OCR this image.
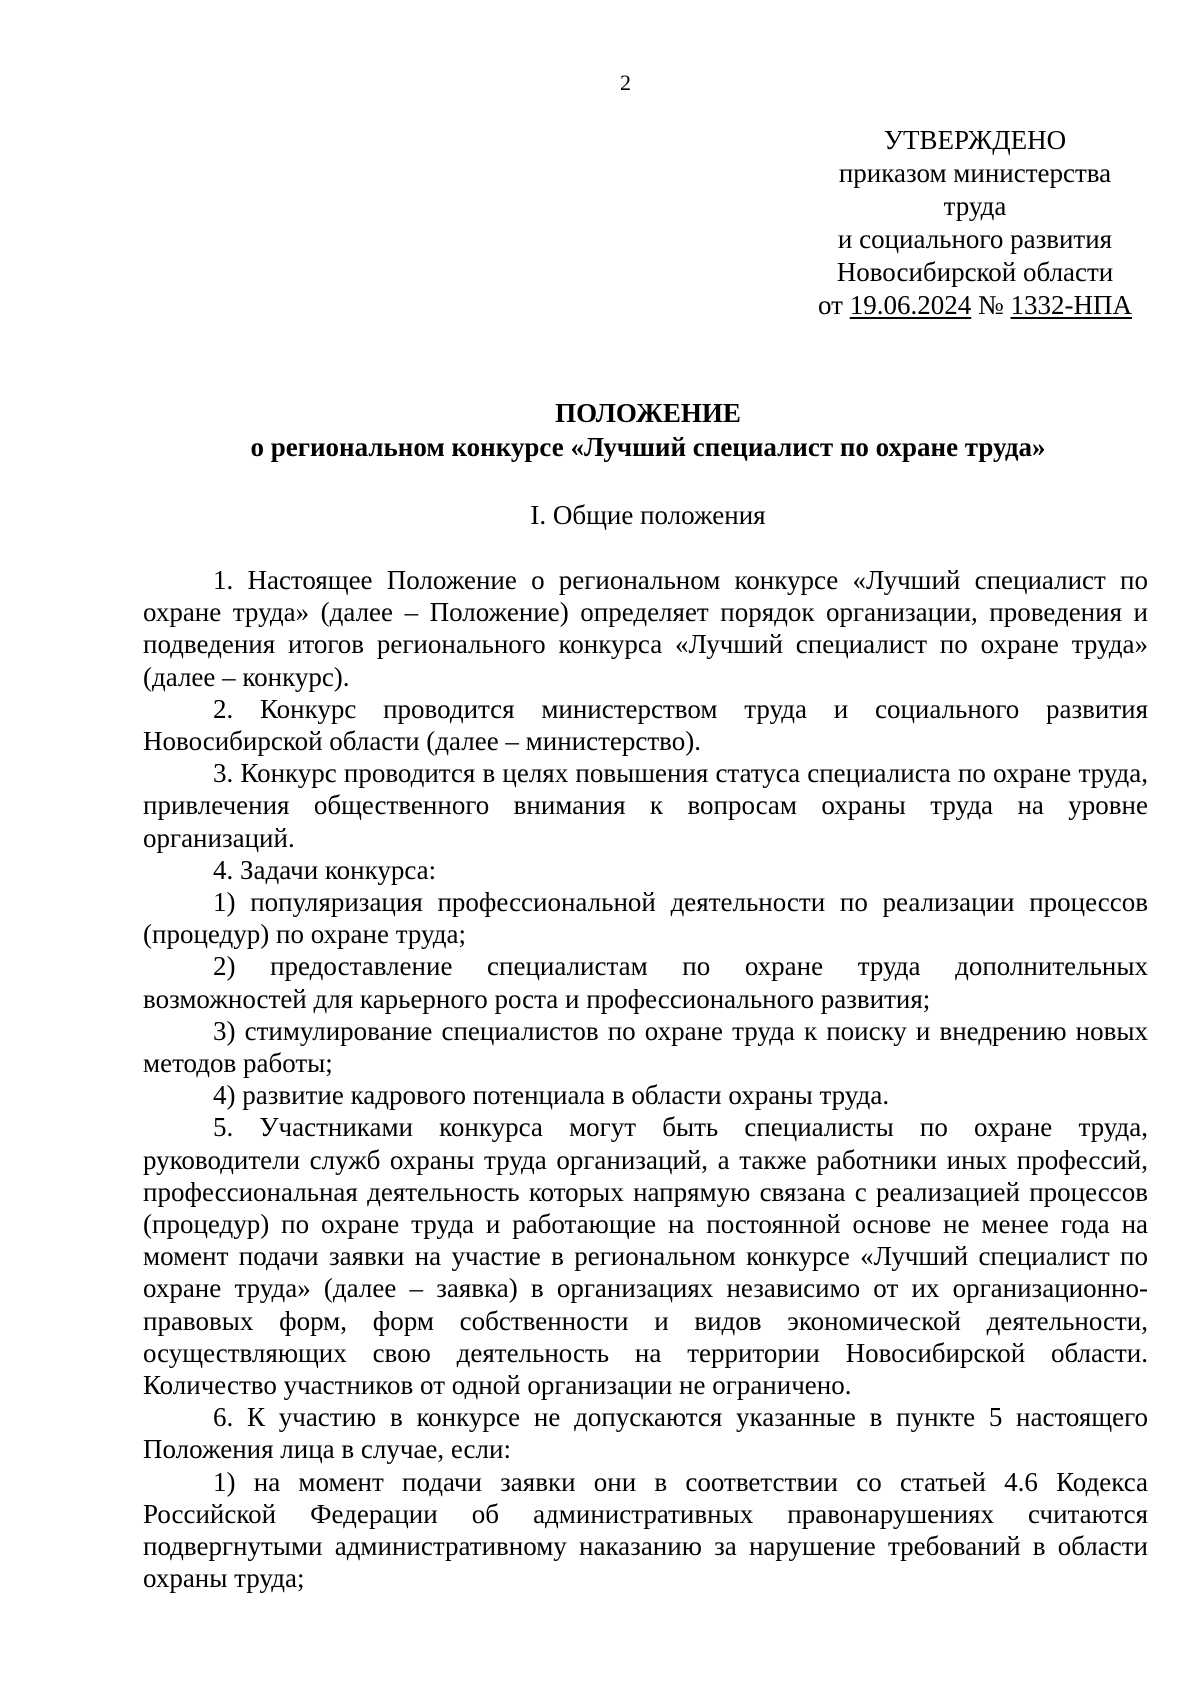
2
УТВЕРЖДЕНО
приказом министерства
труда
и социального развития
Новосибирской области
от 19.06.2024 № 1332-НПА
ПОЛОЖЕНИЕ
о региональном конкурсе «Лучший специалист по охране труда»
I. Общие положения

1. Настоящее Положение о региональном конкурсе «Лучший специалист по охране труда» (далее – Положение) определяет порядок организации, проведения и подведения итогов регионального конкурса «Лучший специалист по охране труда» (далее – конкурс).

2. Конкурс проводится министерством труда и социального развития Новосибирской области (далее – министерство).

3. Конкурс проводится в целях повышения статуса специалиста по охране труда, привлечения общественного внимания к вопросам охраны труда на уровне организаций.

4. Задачи конкурса:

1) популяризация профессиональной деятельности по реализации процессов (процедур) по охране труда;

2) предоставление специалистам по охране труда дополнительных возможностей для карьерного роста и профессионального развития;

3) стимулирование специалистов по охране труда к поиску и внедрению новых методов работы;

4) развитие кадрового потенциала в области охраны труда.

5. Участниками конкурса могут быть специалисты по охране труда, руководители служб охраны труда организаций, а также работники иных профессий, профессиональная деятельность которых напрямую связана с реализацией процессов (процедур) по охране труда и работающие на постоянной основе не менее года на момент подачи заявки на участие в региональном конкурсе «Лучший специалист по охране труда» (далее – заявка) в организациях независимо от их организационно-правовых форм, форм собственности и видов экономической деятельности, осуществляющих свою деятельность на территории Новосибирской области. Количество участников от одной организации не ограничено.

6. К участию в конкурсе не допускаются указанные в пункте 5 настоящего Положения лица в случае, если:

1) на момент подачи заявки они в соответствии со статьей 4.6 Кодекса Российской Федерации об административных правонарушениях считаются подвергнутыми административному наказанию за нарушение требований в области охраны труда;
